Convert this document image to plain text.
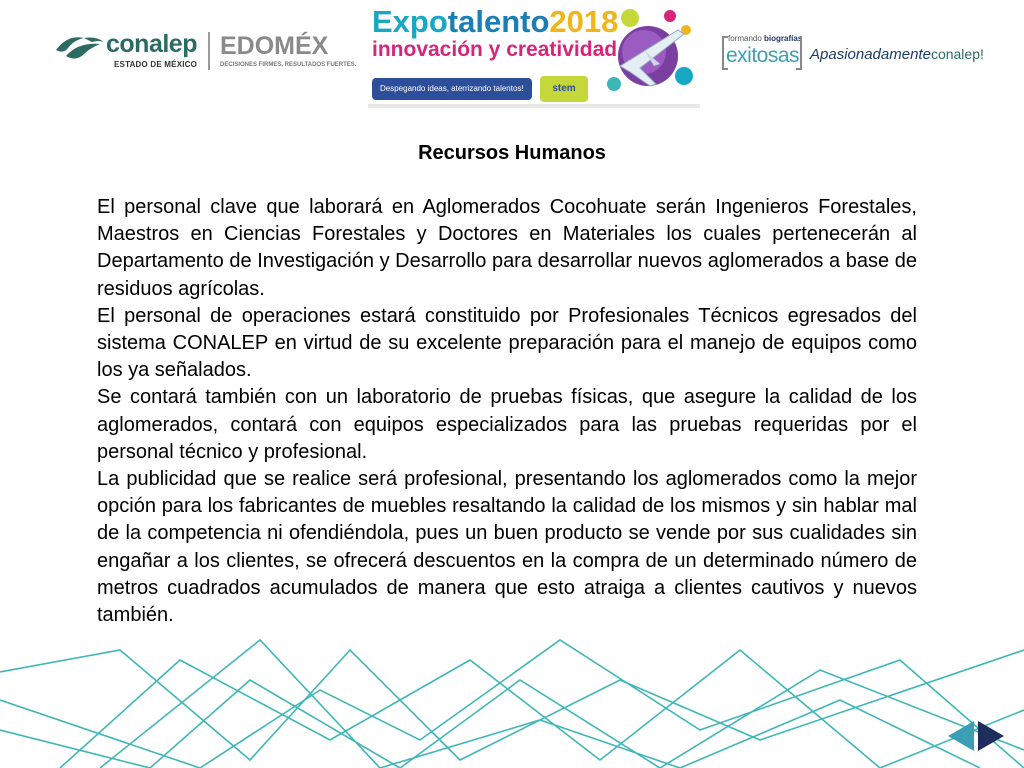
conalep
ESTADO DE MÉXICO
EDOMÉX
DECISIONES FIRMES, RESULTADOS FUERTES.
Expotalento2018
innovación y creatividad
Despegando ideas, aterrizando talentos!	stem
formando biografías
exitosas Apasionadamenteconalep!
Recursos Humanos

El personal clave que laborará en Aglomerados Cocohuate serán Ingenieros Forestales, Maestros en Ciencias Forestales y Doctores en Materiales los cuales pertenecerán al Departamento de Investigación y Desarrollo para desarrollar nuevos aglomerados a base de residuos agrícolas.

El personal de operaciones estará constituido por Profesionales Técnicos egresados del sistema CONALEP en virtud de su excelente preparación para el manejo de equipos como los ya señalados.

Se contará también con un laboratorio de pruebas físicas, que asegure la calidad de los aglomerados, contará con equipos especializados para las pruebas requeridas por el personal técnico y profesional.

La publicidad que se realice será profesional, presentando los aglomerados como la mejor opción para los fabricantes de muebles resaltando la calidad de los mismos y sin hablar mal de la competencia ni ofendiéndola, pues un buen producto se vende por sus cualidades sin engañar a los clientes, se ofrecerá descuentos en la compra de un determinado número de metros cuadrados acumulados de manera que esto atraiga a clientes cautivos y nuevos también.
